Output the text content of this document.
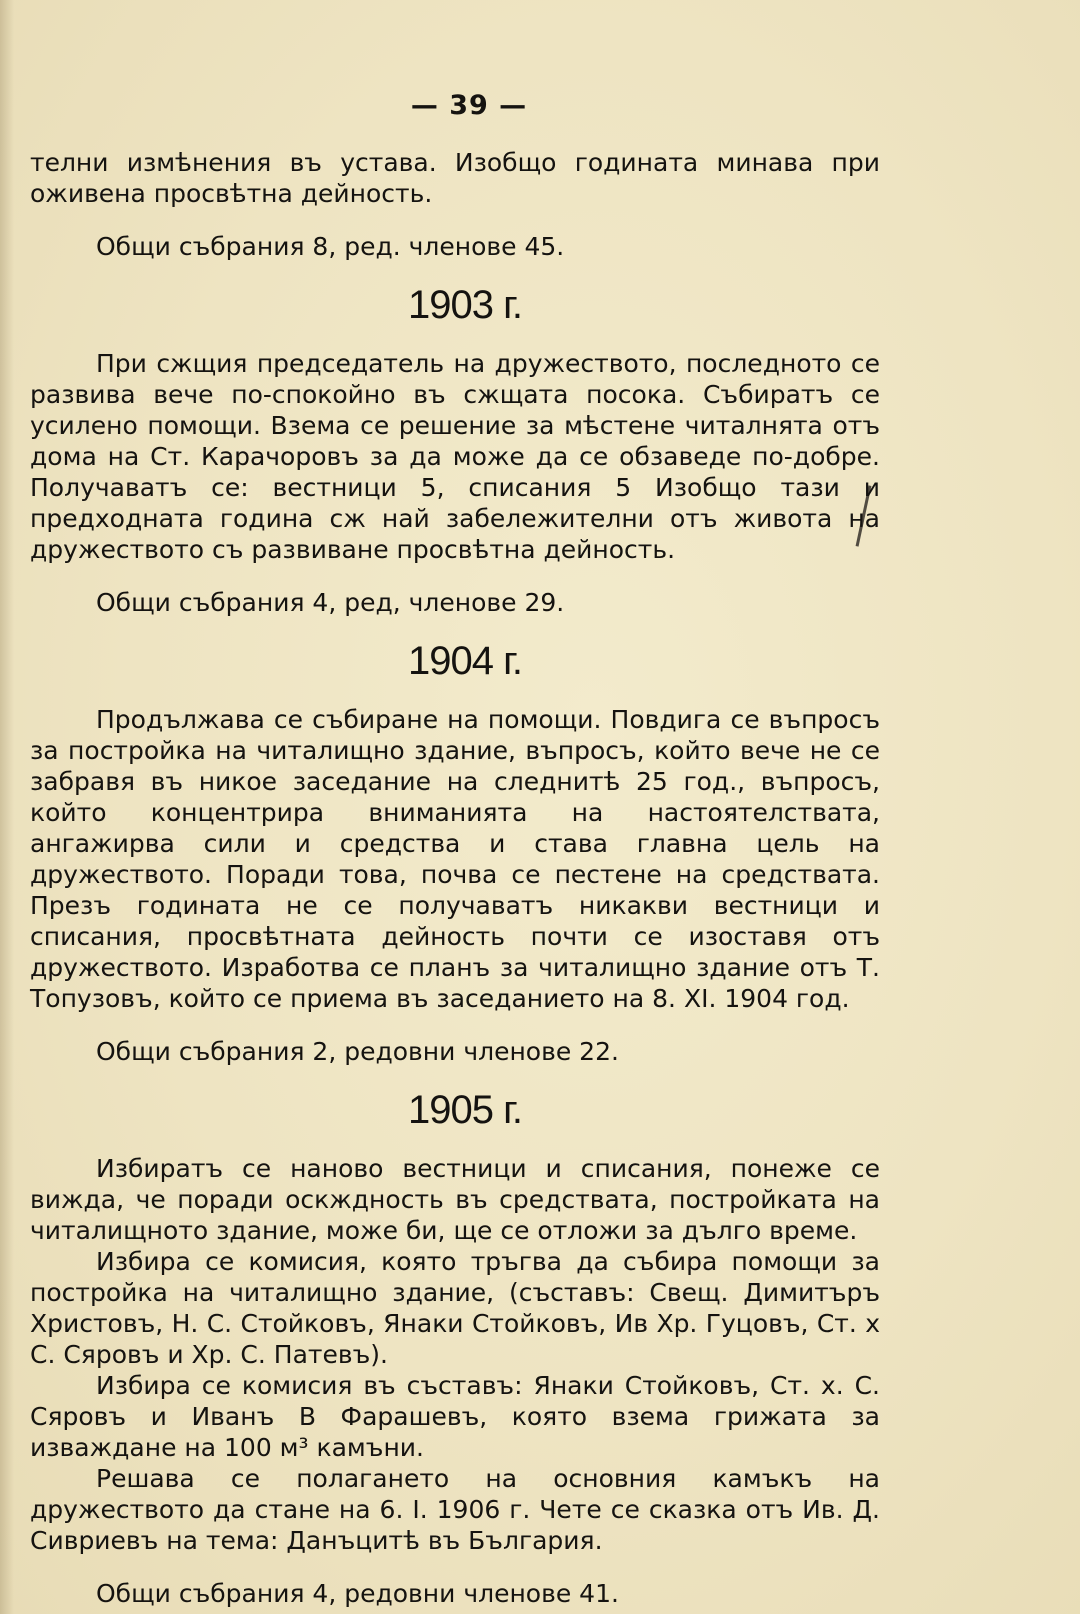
— 39 —

телни измѣнения въ устава. Изобщо годината минава при оживена просвѣтна дейность.

Общи събрания 8, ред. членове 45.

1903 г.

При сжщия председатель на дружеството, последното се развива вече по-спокойно въ сжщата посока. Събиратъ се усилено помощи. Взема се решение за мѣстене читалнята отъ дома на Ст. Карачоровъ за да може да се обзаведе по-добре. Получаватъ се: вестници 5, списания 5 Изобщо тази и предходната година сж най забележителни отъ живота на дружеството съ развиване просвѣтна дейность.

Общи събрания 4, ред, членове 29.

1904 г.

Продължава се събиране на помощи. Повдига се въпросъ за постройка на читалищно здание, въпросъ, който вече не се забравя въ никое заседание на следнитѣ 25 год., въпросъ, който концентрира вниманията на настоятелствата, ангажирва сили и средства и става главна цель на дружеството. Поради това, почва се пестене на средствата. Презъ годината не се получаватъ никакви вестници и списания, просвѣтната дейность почти се изоставя отъ дружеството. Изработва се планъ за читалищно здание отъ Т. Топузовъ, който се приема въ заседанието на 8. XI. 1904 год.

Общи събрания 2, редовни членове 22.

1905 г.

Избиратъ се наново вестници и списания, понеже се вижда, че поради оскждность въ средствата, постройката на читалищното здание, може би, ще се отложи за дълго време.

Избира се комисия, която тръгва да събира помощи за постройка на читалищно здание, (съставъ: Свещ. Димитъръ Христовъ, Н. С. Стойковъ, Янаки Стойковъ, Ив Хр. Гуцовъ, Ст. х С. Сяровъ и Хр. С. Патевъ).

Избира се комисия въ съставъ: Янаки Стойковъ, Ст. х. С. Сяровъ и Иванъ В Фарашевъ, която взема грижата за изваждане на 100 м³ камъни.

Решава се полагането на основния камъкъ на дружеството да стане на 6. I. 1906 г. Чете се сказка отъ Ив. Д. Сивриевъ на тема: Данъцитѣ въ България.

Общи събрания 4, редовни членове 41.
